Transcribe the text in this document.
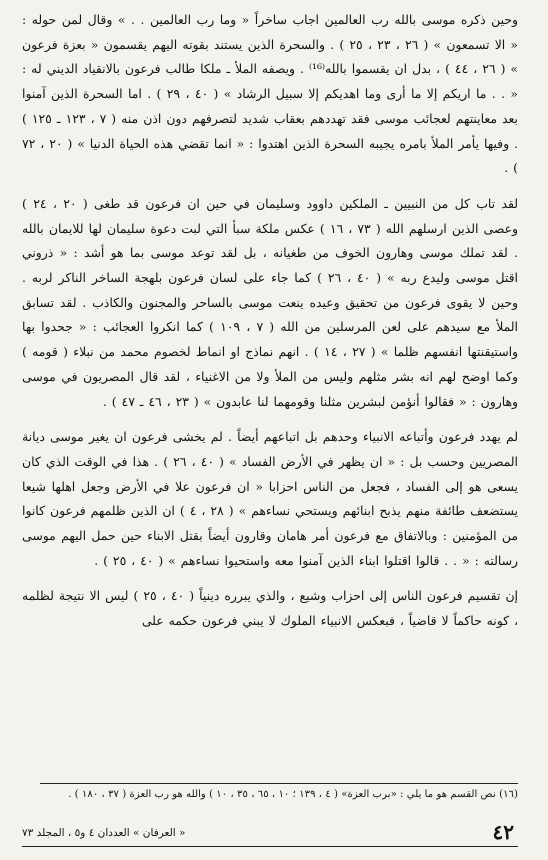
وحين ذكره موسى بالله رب العالمين اجاب ساخراً « وما رب العالمين . . » وقال لمن حوله : « الا تسمعون » ( ٢٦ ، ٢٣ ، ٢٥ ) . والسحرة الذين يستند بقوته اليهم يقسمون « بعزة فرعون » ( ٢٦ ، ٤٤ ) ، بدل ان يقسموا بالله⁽¹⁶⁾ . ويصفه الملأ ـ ملكا طالب فرعون بالانقياد الديني له : « . . ما اريكم إلا ما أرى وما اهديكم إلا سبيل الرشاد » ( ٤٠ ، ٢٩ ) . اما السحرة الذين آمنوا بعد معاينتهم لعجائب موسى فقد تهددهم بعقاب شديد لتصرفهم دون اذن منه ( ٧ ، ١٢٣ ـ ١٢٥ ) . وفيها يأمر الملأ بامره يجيبه السحرة الذين اهتدوا : « انما تقضي هذه الحياة الدنيا » ( ٢٠ ، ٧٢ ) .

لقد تاب كل من النبيين ـ الملكين داوود وسليمان في حين ان فرعون قد طغى ( ٢٠ ، ٢٤ ) وعصى الذين ارسلهم الله ( ٧٣ ، ١٦ ) عكس ملكة سبأ التي لبت دعوة سليمان لها للايمان بالله . لقد تملك موسى وهارون الخوف من طغيانه ، بل لقد توعد موسى بما هو أشد : « ذروني اقتل موسى وليدع ربه » ( ٤٠ ، ٢٦ ) كما جاء على لسان فرعون بلهجة الساخر الناكر لربه . وحين لا يقوى فرعون من تحقيق وعيده ينعت موسى بالساحر والمجنون والكاذب . لقد تسابق الملأ مع سيدهم على لعن المرسلين من الله ( ٧ ، ١٠٩ ) كما انكروا العجائب : « جحدوا بها واستيقنتها انفسهم ظلما » ( ٢٧ ، ١٤ ) . انهم نماذج او انماط لخصوم محمد من نبلاء ( قومه ) وكما اوضح لهم انه بشر مثلهم وليس من الملأ ولا من الاغنياء ، لقد قال المصريون في موسى وهارون : « فقالوا أنؤمن لبشرين مثلنا وقومهما لنا عابدون » ( ٢٣ ، ٤٦ ـ ٤٧ ) .

لم يهدد فرعون وأتباعه الانبياء وحدهم بل اتباعهم أيضاً . لم يخشى فرعون ان يغير موسى ديانة المصريين وحسب بل : « ان يظهر في الأرض الفساد » ( ٤٠ ، ٢٦ ) . هذا في الوقت الذي كان يسعى هو إلى الفساد ، فجعل من الناس احزابا « ان فرعون علا في الأرض وجعل اهلها شيعا يستضعف طائفة منهم يذبح ابنائهم ويستحي نساءهم » ( ٢٨ ، ٤ ) ان الذين ظلمهم فرعون كانوا من المؤمنين : وبالاتفاق مع فرعون أمر هامان وقارون أيضاً بقتل الابناء حين حمل اليهم موسى رسالته : « . . قالوا اقتلوا ابناء الذين آمنوا معه واستحيوا نساءهم » ( ٤٠ ، ٢٥ ) .

إن تقسيم فرعون الناس إلى احزاب وشيع ، والذي يبرره دينياً ( ٤٠ ، ٢٥ ) ليس الا نتيجة لظلمه ، كونه حاكماً لا قاضياً ، فبعكس الانبياء الملوك لا يبني فرعون حكمه على

(١٦) نص القسم هو ما يلي : «برب العزة» ( ٤ ، ١٣٩ ؛ ١٠ ، ٦٥ ، ٣٥ ، ١٠ ) والله هو رب العزة ( ٣٧ ، ١٨٠ ) .
٤٢
« العرفان » العددان ٤ و٥ ، المجلد ٧٣
